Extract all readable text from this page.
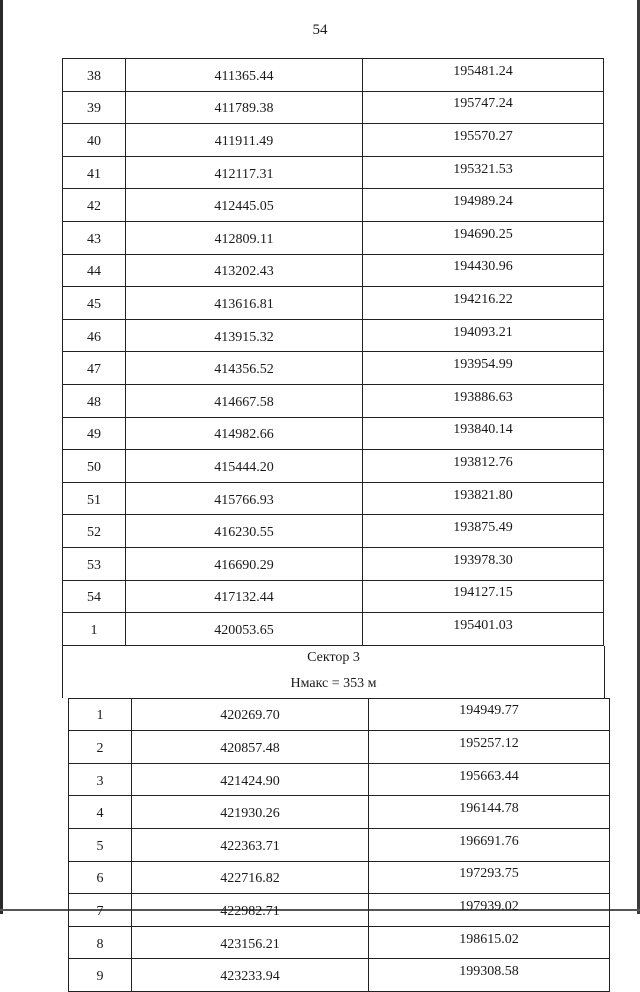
54
38	411365.44	195481.24
39	411789.38	195747.24
40	411911.49	195570.27
41	412117.31	195321.53
42	412445.05	194989.24
43	412809.11	194690.25
44	413202.43	194430.96
45	413616.81	194216.22
46	413915.32	194093.21
47	414356.52	193954.99
48	414667.58	193886.63
49	414982.66	193840.14
50	415444.20	193812.76
51	415766.93	193821.80
52	416230.55	193875.49
53	416690.29	193978.30
54	417132.44	194127.15
1	420053.65	195401.03
Сектор 3
Нмакс = 353 м
1	420269.70	194949.77
2	420857.48	195257.12
3	421424.90	195663.44
4	421930.26	196144.78
5	422363.71	196691.76
6	422716.82	197293.75
7	422982.71	197939.02
8	423156.21	198615.02
9	423233.94	199308.58
